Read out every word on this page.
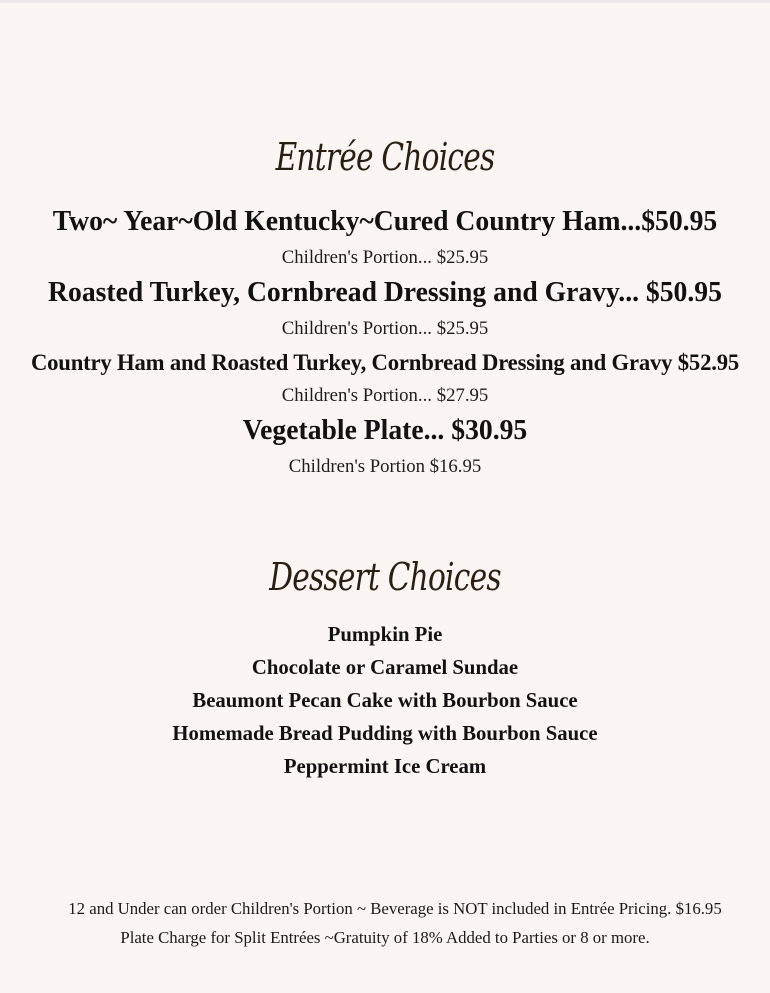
Entrée Choices
Two~ Year~Old Kentucky~Cured Country Ham...$50.95
Children's Portion... $25.95
Roasted Turkey, Cornbread Dressing and Gravy... $50.95
Children's Portion... $25.95
Country Ham and Roasted Turkey, Cornbread Dressing and Gravy $52.95
Children's Portion... $27.95
Vegetable Plate... $30.95
Children's Portion $16.95
Dessert Choices
Pumpkin Pie
Chocolate or Caramel Sundae
Beaumont Pecan Cake with Bourbon Sauce
Homemade Bread Pudding with Bourbon Sauce
Peppermint Ice Cream
12 and Under can order Children's Portion ~ Beverage is NOT included in Entrée Pricing. $16.95
Plate Charge for Split Entrées ~Gratuity of 18% Added to Parties or 8 or more.
